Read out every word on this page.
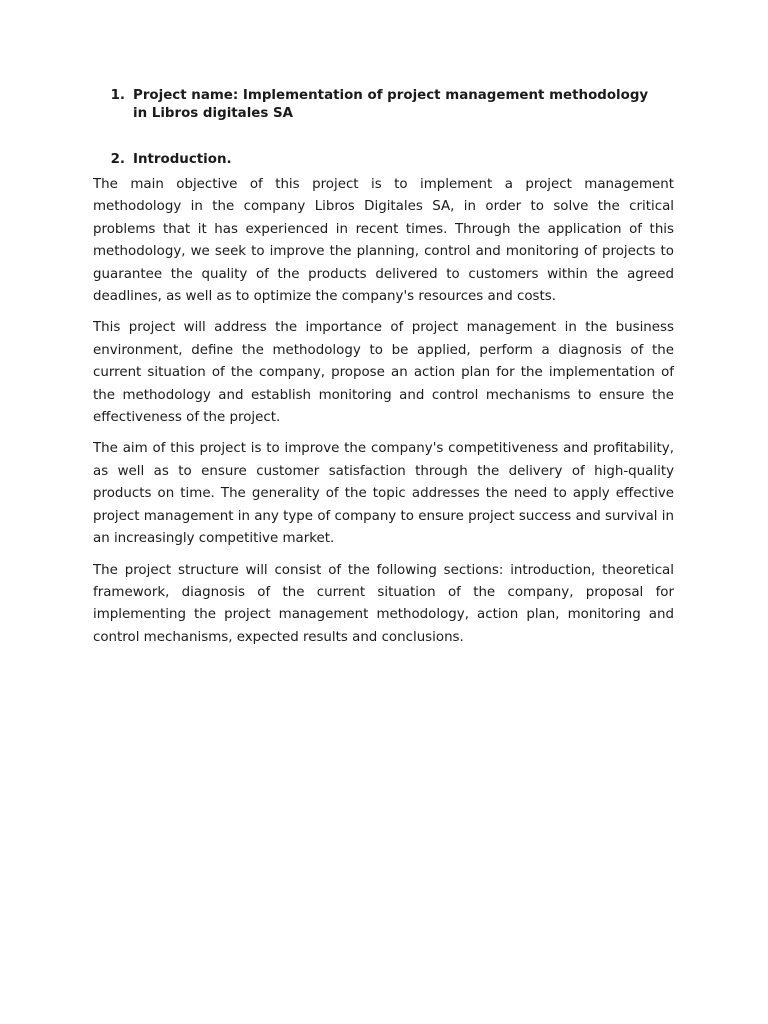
1. Project name: Implementation of project management methodology in Libros digitales SA
2. Introduction.

The main objective of this project is to implement a project management methodology in the company Libros Digitales SA, in order to solve the critical problems that it has experienced in recent times. Through the application of this methodology, we seek to improve the planning, control and monitoring of projects to guarantee the quality of the products delivered to customers within the agreed deadlines, as well as to optimize the company's resources and costs.

This project will address the importance of project management in the business environment, define the methodology to be applied, perform a diagnosis of the current situation of the company, propose an action plan for the implementation of the methodology and establish monitoring and control mechanisms to ensure the effectiveness of the project.

The aim of this project is to improve the company's competitiveness and profitability, as well as to ensure customer satisfaction through the delivery of high-quality products on time. The generality of the topic addresses the need to apply effective project management in any type of company to ensure project success and survival in an increasingly competitive market.

The project structure will consist of the following sections: introduction, theoretical framework, diagnosis of the current situation of the company, proposal for implementing the project management methodology, action plan, monitoring and control mechanisms, expected results and conclusions.
